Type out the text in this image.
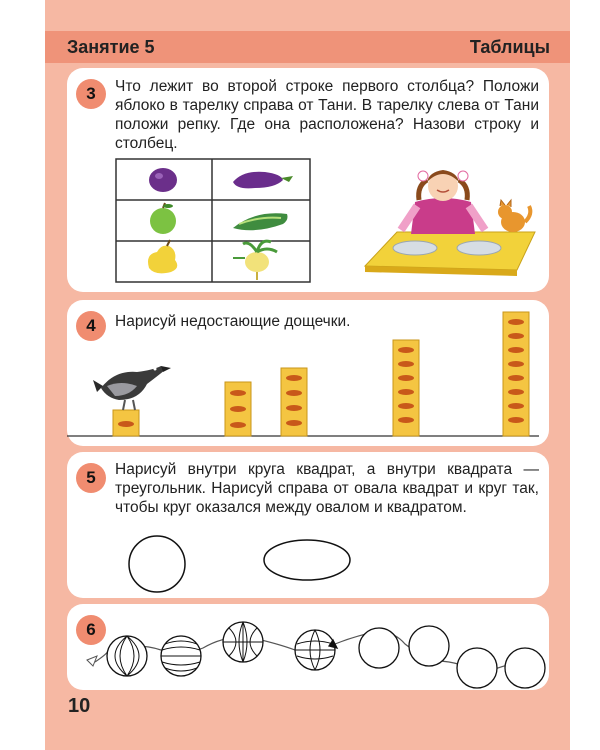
Занятие 5	Таблицы
3	Что лежит во второй строке первого столбца? Положи яблоко в тарелку справа от Тани. В тарелку слева от Тани положи репку. Где она расположена? Назови строку и столбец.
4	Нарисуй недостающие дощечки.
5	Нарисуй внутри круга квадрат, а внутри квадрата — треугольник. Нарисуй справа от овала квадрат и круг так, чтобы круг оказался между овалом и квадратом.
6
10
